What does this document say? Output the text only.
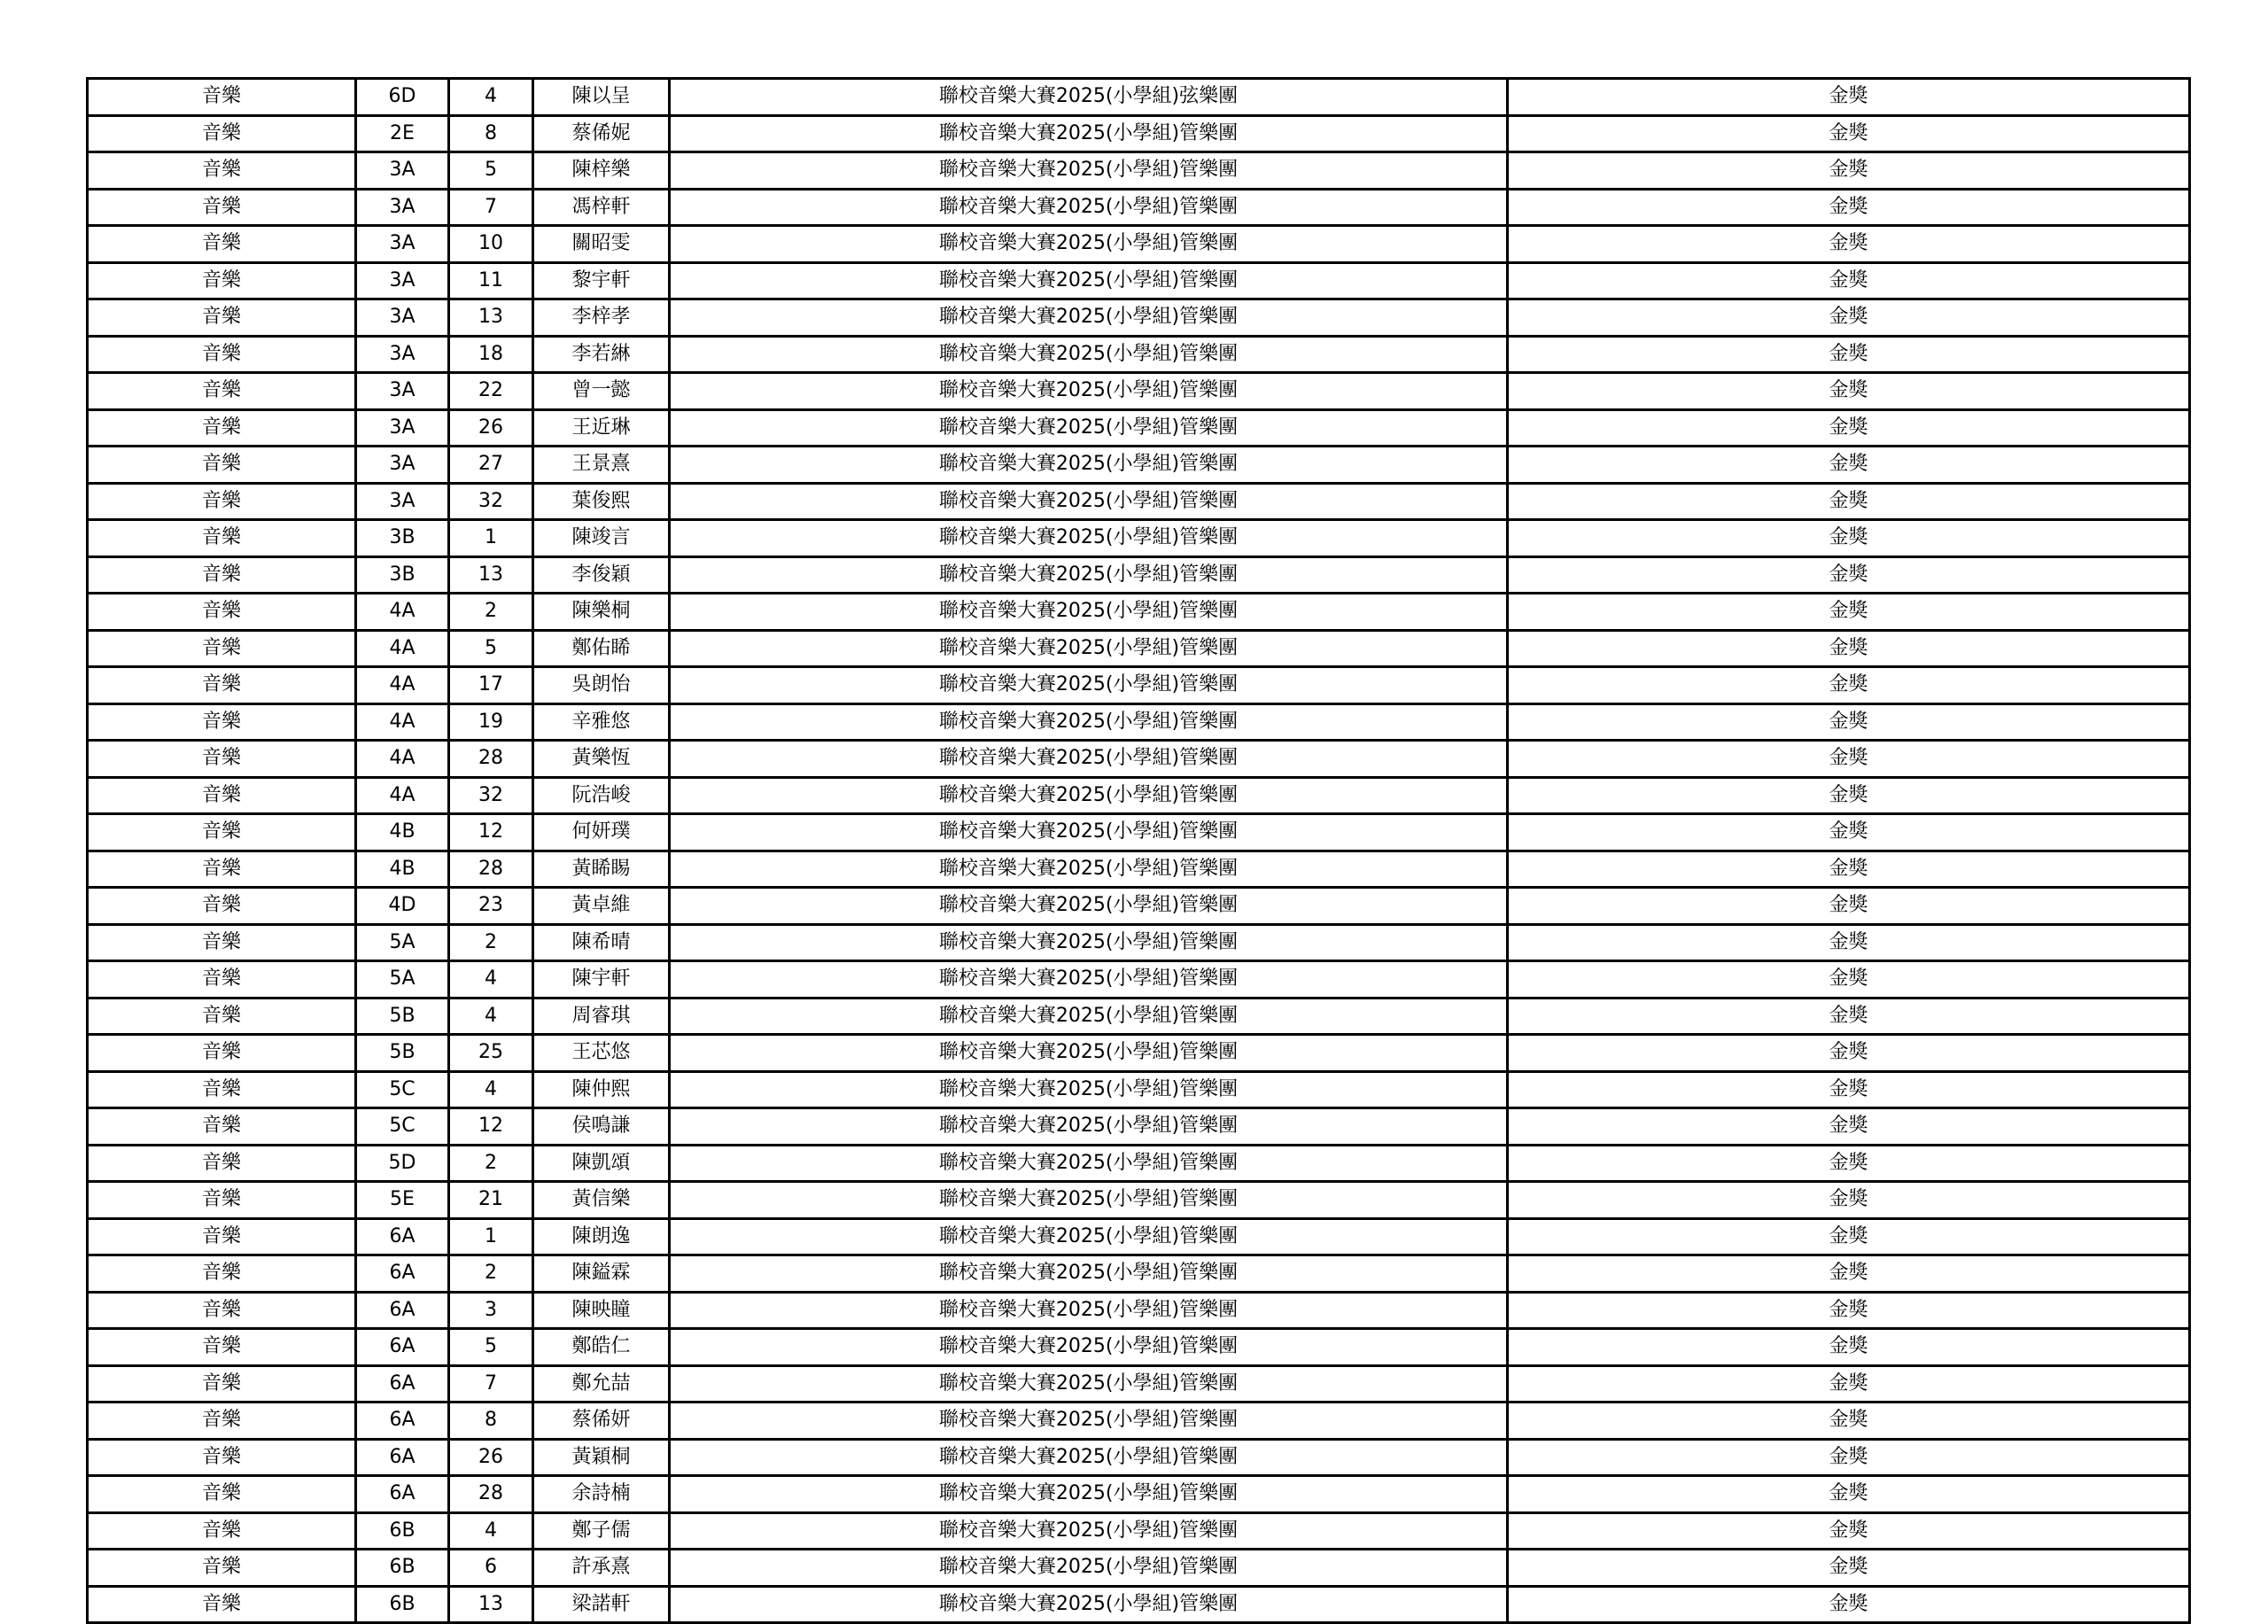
音樂	6D	4	陳以呈	聯校音樂大賽2025(小學組)弦樂團	金獎
音樂	2E	8	蔡俙妮	聯校音樂大賽2025(小學組)管樂團	金獎
音樂	3A	5	陳梓樂	聯校音樂大賽2025(小學組)管樂團	金獎
音樂	3A	7	馮梓軒	聯校音樂大賽2025(小學組)管樂團	金獎
音樂	3A	10	關昭雯	聯校音樂大賽2025(小學組)管樂團	金獎
音樂	3A	11	黎宇軒	聯校音樂大賽2025(小學組)管樂團	金獎
音樂	3A	13	李梓孝	聯校音樂大賽2025(小學組)管樂團	金獎
音樂	3A	18	李若綝	聯校音樂大賽2025(小學組)管樂團	金獎
音樂	3A	22	曾一懿	聯校音樂大賽2025(小學組)管樂團	金獎
音樂	3A	26	王近琳	聯校音樂大賽2025(小學組)管樂團	金獎
音樂	3A	27	王景熹	聯校音樂大賽2025(小學組)管樂團	金獎
音樂	3A	32	葉俊熙	聯校音樂大賽2025(小學組)管樂團	金獎
音樂	3B	1	陳竣言	聯校音樂大賽2025(小學組)管樂團	金獎
音樂	3B	13	李俊穎	聯校音樂大賽2025(小學組)管樂團	金獎
音樂	4A	2	陳樂桐	聯校音樂大賽2025(小學組)管樂團	金獎
音樂	4A	5	鄭佑睎	聯校音樂大賽2025(小學組)管樂團	金獎
音樂	4A	17	吳朗怡	聯校音樂大賽2025(小學組)管樂團	金獎
音樂	4A	19	辛雅悠	聯校音樂大賽2025(小學組)管樂團	金獎
音樂	4A	28	黃樂恆	聯校音樂大賽2025(小學組)管樂團	金獎
音樂	4A	32	阮浩峻	聯校音樂大賽2025(小學組)管樂團	金獎
音樂	4B	12	何妍璞	聯校音樂大賽2025(小學組)管樂團	金獎
音樂	4B	28	黃睎睗	聯校音樂大賽2025(小學組)管樂團	金獎
音樂	4D	23	黃卓維	聯校音樂大賽2025(小學組)管樂團	金獎
音樂	5A	2	陳希晴	聯校音樂大賽2025(小學組)管樂團	金獎
音樂	5A	4	陳宇軒	聯校音樂大賽2025(小學組)管樂團	金獎
音樂	5B	4	周睿琪	聯校音樂大賽2025(小學組)管樂團	金獎
音樂	5B	25	王芯悠	聯校音樂大賽2025(小學組)管樂團	金獎
音樂	5C	4	陳仲熙	聯校音樂大賽2025(小學組)管樂團	金獎
音樂	5C	12	侯鳴謙	聯校音樂大賽2025(小學組)管樂團	金獎
音樂	5D	2	陳凱頌	聯校音樂大賽2025(小學組)管樂團	金獎
音樂	5E	21	黃信樂	聯校音樂大賽2025(小學組)管樂團	金獎
音樂	6A	1	陳朗逸	聯校音樂大賽2025(小學組)管樂團	金獎
音樂	6A	2	陳鎰霖	聯校音樂大賽2025(小學組)管樂團	金獎
音樂	6A	3	陳映瞳	聯校音樂大賽2025(小學組)管樂團	金獎
音樂	6A	5	鄭皓仁	聯校音樂大賽2025(小學組)管樂團	金獎
音樂	6A	7	鄭允喆	聯校音樂大賽2025(小學組)管樂團	金獎
音樂	6A	8	蔡俙妍	聯校音樂大賽2025(小學組)管樂團	金獎
音樂	6A	26	黃穎桐	聯校音樂大賽2025(小學組)管樂團	金獎
音樂	6A	28	余詩楠	聯校音樂大賽2025(小學組)管樂團	金獎
音樂	6B	4	鄭子儒	聯校音樂大賽2025(小學組)管樂團	金獎
音樂	6B	6	許承熹	聯校音樂大賽2025(小學組)管樂團	金獎
音樂	6B	13	梁諾軒	聯校音樂大賽2025(小學組)管樂團	金獎
